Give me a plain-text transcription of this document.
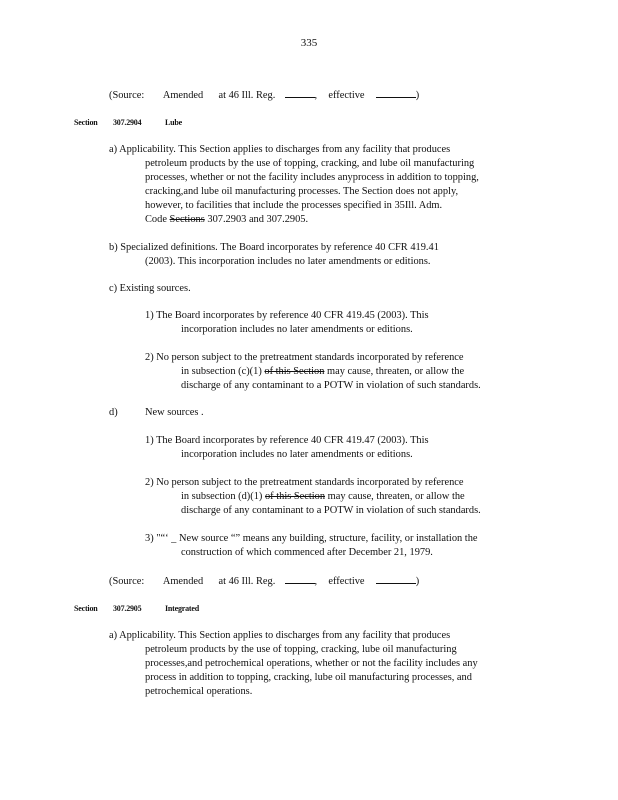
335
(Source: Amended at 46 Ill. Reg.	, effective	)
Section 307.2904	Lube
a) Applicability. This Section applies to discharges from any facility that produces
petroleum products by the use of topping, cracking, and lube oil manufacturing
processes, whether or not the facility includes anyprocess in addition to topping,
cracking,and lube oil manufacturing processes. The Section does not apply,
however, to facilities that include the processes specified in 35Ill. Adm.
Code Sections 307.2903 and 307.2905.
b) Specialized definitions. The Board incorporates by reference 40 CFR 419.41
(2003). This incorporation includes no later amendments or editions.
c) Existing sources.
1) The Board incorporates by reference 40 CFR 419.45 (2003). This
incorporation includes no later amendments or editions.
2) No person subject to the pretreatment standards incorporated by reference
in subsection (c)(1) of this Section may cause, threaten, or allow the
discharge of any contaminant to a POTW in violation of such standards.
d)	New sources .
1) The Board incorporates by reference 40 CFR 419.47 (2003). This
incorporation includes no later amendments or editions.
2) No person subject to the pretreatment standards incorporated by reference
in subsection (d)(1) of this Section may cause, threaten, or allow the
discharge of any contaminant to a POTW in violation of such standards.
3) "“‘ _ New source “” means any building, structure, facility, or installation the
construction of which commenced after December 21, 1979.
(Source: Amended at 46 Ill. Reg.	, effective	)
Section 307.2905	Integrated
a) Applicability. This Section applies to discharges from any facility that produces
petroleum products by the use of topping, cracking, lube oil manufacturing
processes,and petrochemical operations, whether or not the facility includes any
process in addition to topping, cracking, lube oil manufacturing processes, and
petrochemical operations.
